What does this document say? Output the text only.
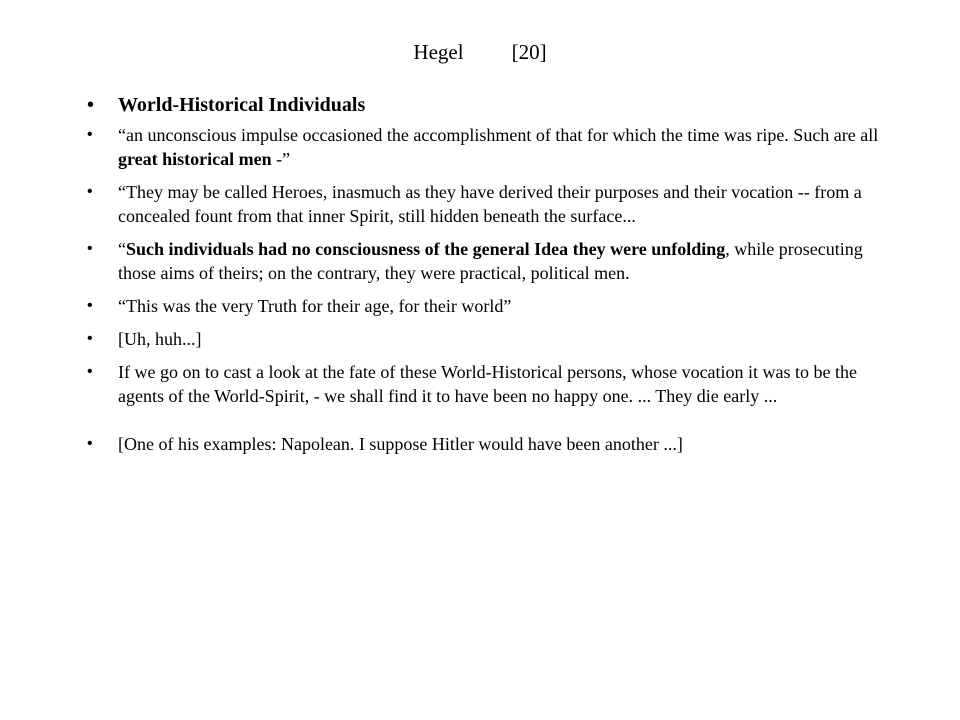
Hegel [20]
• World-Historical Individuals
• “an unconscious impulse occasioned the accomplishment of that for which the time was ripe. Such are all great historical men -”
• “They may be called Heroes, inasmuch as they have derived their purposes and their vocation -- from a concealed fount from that inner Spirit, still hidden beneath the surface...
• “Such individuals had no consciousness of the general Idea they were unfolding, while prosecuting those aims of theirs; on the contrary, they were practical, political men.
• “This was the very Truth for their age, for their world”
• [Uh, huh...]
• If we go on to cast a look at the fate of these World-Historical persons, whose vocation it was to be the agents of the World-Spirit, - we shall find it to have been no happy one. ... They die early ...
• [One of his examples: Napolean. I suppose Hitler would have been another ...]
